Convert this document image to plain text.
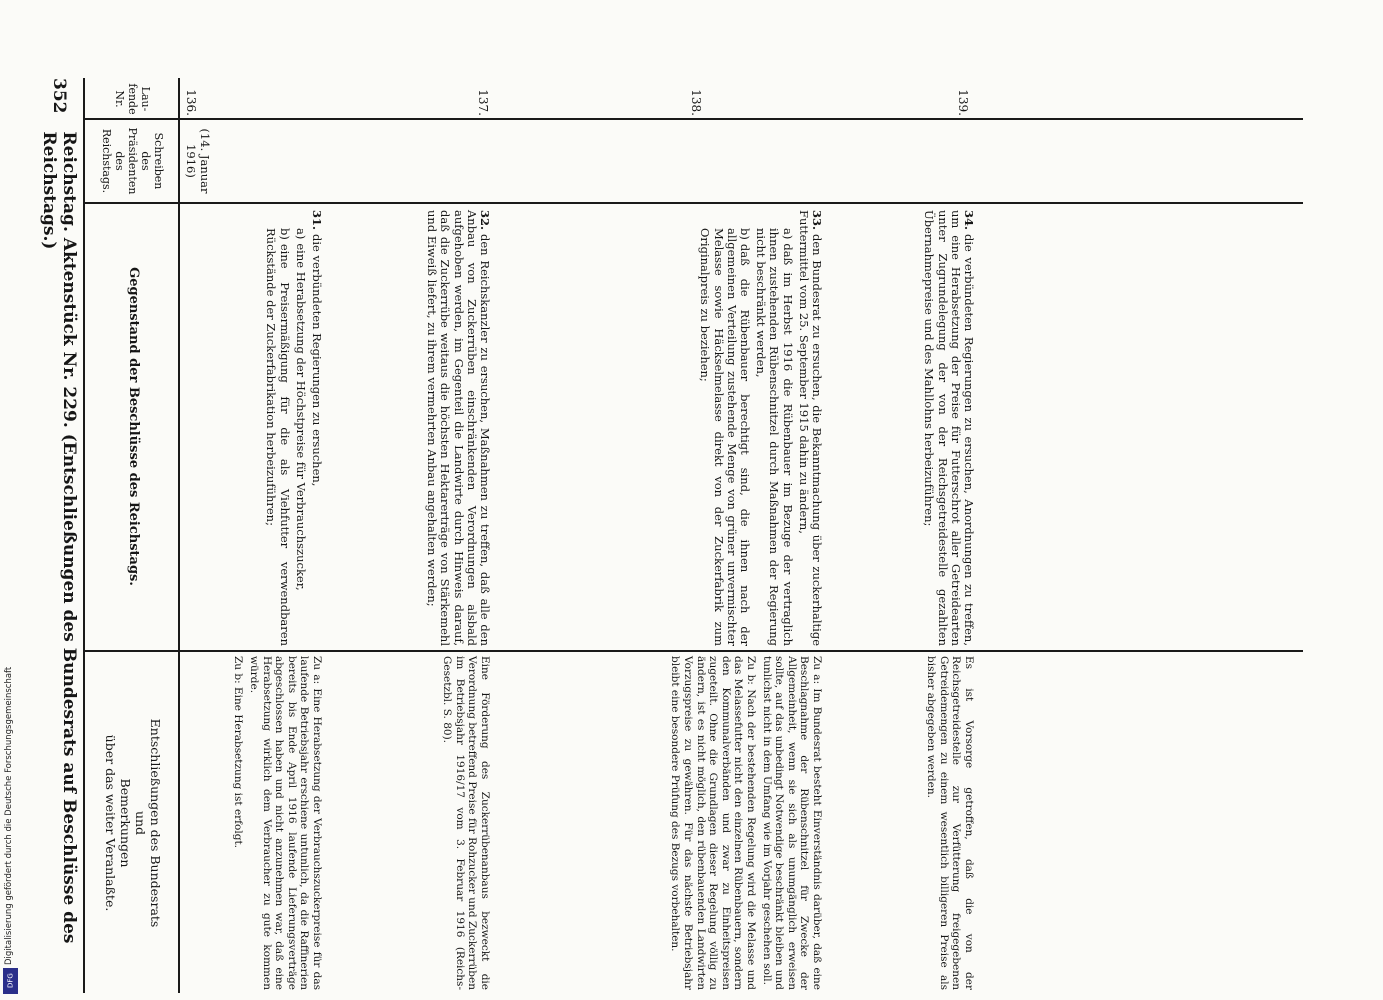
Digitalisierung gefördert durch die Deutsche Forschungsgemeinschaft
DFG
352
Reichstag. Aktenstück Nr. 229. (Entschließungen des Bundesrats auf Beschlüsse des Reichstags.)
Lau-
fende
Nr.
Schreiben
des
Präsidenten
des
Reichstags.
Gegenstand der Beschlüsse des Reichstags.
Entschließungen des Bundesrats
und
Bemerkungen
über das weiter Veranlaßte.
136.
(14. Januar
1916)
31.die verbündeten Regierungen zu ersuchen,
a)eine Herabsetzung der Höchstpreise für Verbrauchszucker,
b)eine Preisermäßigung für die als Viehfutter verwendbaren Rückstände der Zuckerfabrikation herbeizuführen;
Zu a: Eine Herabsetzung der Verbrauchszuckerpreise für das laufende Betriebsjahr erschiene untunlich, da die Raffinerien bereits bis Ende April 1916 laufende Lieferungsverträge abgeschlossen haben und nicht anzunehmen war, daß eine Herabsetzung wirklich dem Verbraucher zu gute kommen würde.
Zu b: Eine Herabsetzung ist erfolgt.
137.
32.den Reichskanzler zu ersuchen, Maßnahmen zu treffen, daß alle den Anbau von Zuckerrüben einschränkenden Verordnungen alsbald aufgehoben werden, im Gegenteil die Landwirte durch Hinweis darauf, daß die Zuckerrübe weitaus die höchsten Hektarerträge von Stärkemehl und Eiweiß liefert, zu ihrem vermehrten Anbau angehalten werden;
Eine Förderung des Zuckerrübenanbaus bezweckt die Verordnung betreffend Preise für Rohzucker und Zuckerrüben im Betriebsjahr 1916/17 vom 3. Februar 1916 (Reichs-Gesetzbl. S. 80).
138.
33.den Bundesrat zu ersuchen, die Bekanntmachung über zuckerhaltige Futtermittel vom 25. September 1915 dahin zu ändern,
a)daß im Herbst 1916 die Rübenbauer im Bezuge der vertraglich ihnen zustehenden Rübenschnitzel durch Maßnahmen der Regierung nicht beschränkt werden,
b)daß die Rübenbauer berechtigt sind, die ihnen nach der allgemeinen Verteilung zustehende Menge von grüner unvermischter Melasse sowie Häckselmelasse direkt von der Zuckerfabrik zum Originalpreis zu beziehen;
Zu a: Im Bundesrat besteht Einverständnis darüber, daß eine Beschlagnahme der Rübenschnitzel für Zwecke der Allgemeinheit, wenn sie sich als unumgänglich erweisen sollte, auf das unbedingt Notwendige beschränkt bleiben und tunlichst nicht in dem Umfang wie im Vorjahr geschehen soll.
Zu b: Nach der bestehenden Regelung wird die Melasse und das Melassefutter nicht den einzelnen Rübenbauern, sondern den Kommunalverbänden und zwar zu Einheitspreisen zugeteilt. Ohne die Grundlagen dieser Regelung völlig zu ändern, ist es nicht möglich, den rübenbauenden Landwirten Vorzugspreise zu gewähren. Für das nächste Betriebsjahr bleibt eine besondere Prüfung des Bezugs vorbehalten.
139.
34.die verbündeten Regierungen zu ersuchen, Anordnungen zu treffen, um eine Herabsetzung der Preise für Futterschrot aller Getreidearten unter Zugrundelegung der von der Reichsgetreidestelle gezahlten Übernahmepreise und des Mahllohns herbeizuführen;
Es ist Vorsorge getroffen, daß die von der Reichsgetreidestelle zur Verfütterung freigegebenen Getreidemengen zu einem wesentlich billigeren Preise als bisher abgegeben werden.
